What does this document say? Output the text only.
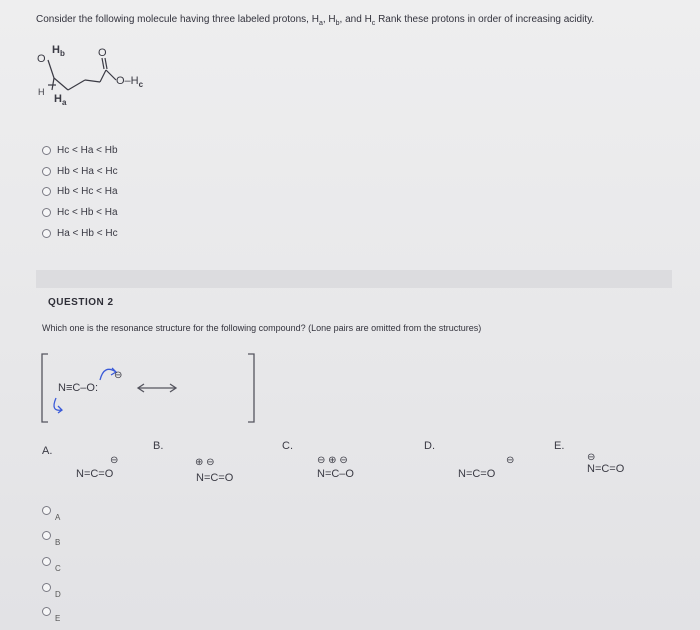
Consider the following molecule having three labeled protons, $H_a$, $H_b$, and $H_c$ Rank these protons in order of increasing acidity.
O
$H_b$	O
$O-H_c$
H
$H_a$
Hc < Ha < Hb
Hb < Ha < Hc
Hb < Hc < Ha
Hc < Hb < Ha
Ha < Hb < Hc
QUESTION 2
Which one is the resonance structure for the following compound? (Lone pairs are omitted from the structures)
N≡C–O:
⊖
A.	B.	C.	D.	E.
⊖
N=C=O
⊕ ⊖
N=C=O
⊖ ⊕ ⊖
N=C–O
⊖
N=C=O
⊖
N=C=O
A
B
C
D
E
